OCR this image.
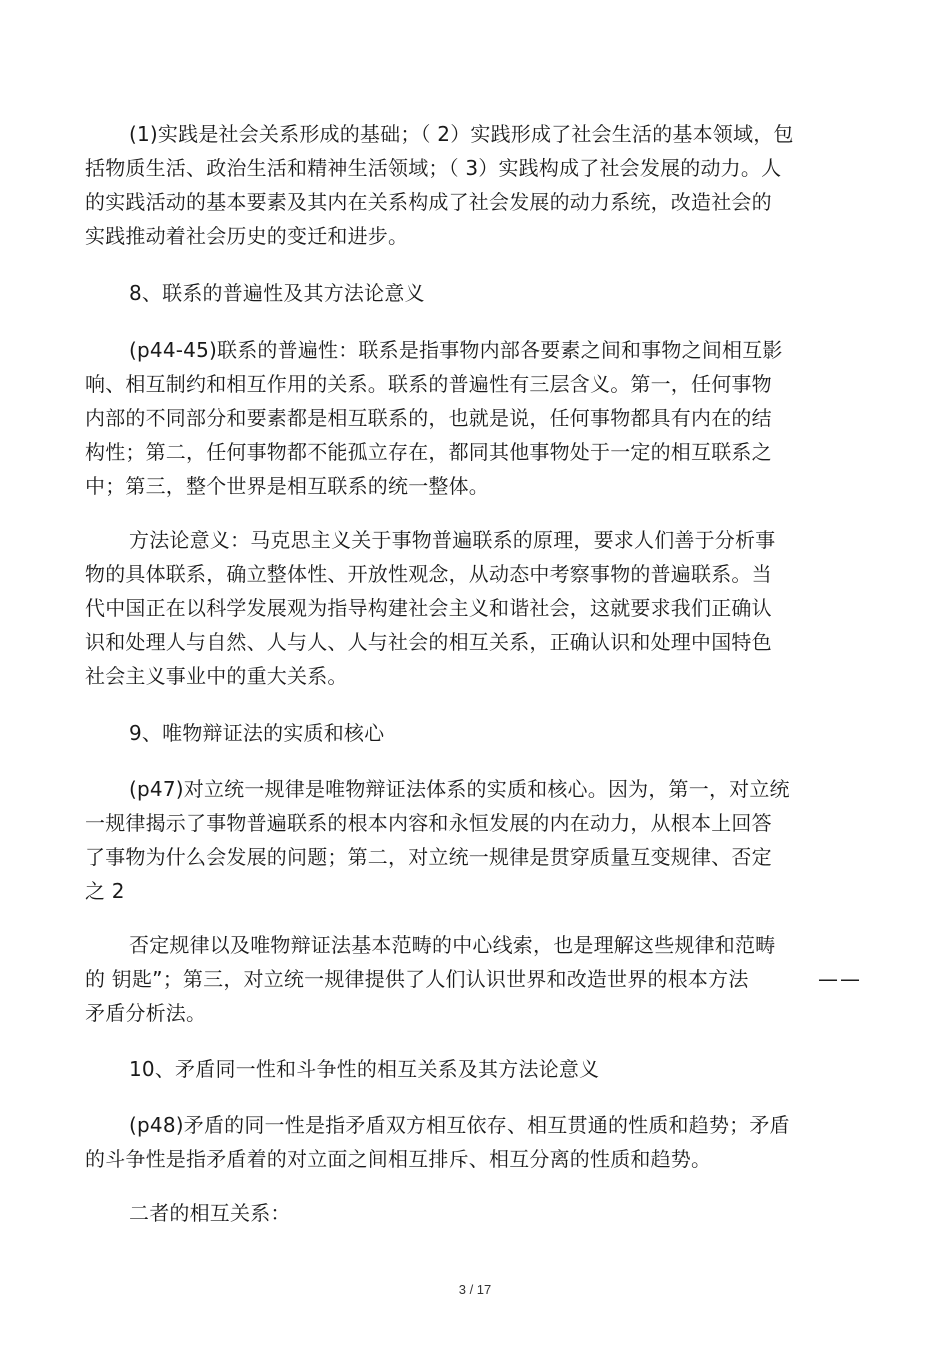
(1)实践是社会关系形成的基础；（ 2）实践形成了社会生活的基本领域，包
括物质生活、政治生活和精神生活领域；（ 3）实践构成了社会发展的动力。人
的实践活动的基本要素及其内在关系构成了社会发展的动力系统，改造社会的
实践推动着社会历史的变迁和进步。
8、联系的普遍性及其方法论意义
(p44-45)联系的普遍性：联系是指事物内部各要素之间和事物之间相互影
响、相互制约和相互作用的关系。联系的普遍性有三层含义。第一，任何事物
内部的不同部分和要素都是相互联系的，也就是说，任何事物都具有内在的结
构性；第二，任何事物都不能孤立存在，都同其他事物处于一定的相互联系之
中；第三，整个世界是相互联系的统一整体。
方法论意义：马克思主义关于事物普遍联系的原理，要求人们善于分析事
物的具体联系，确立整体性、开放性观念，从动态中考察事物的普遍联系。当
代中国正在以科学发展观为指导构建社会主义和谐社会，这就要求我们正确认
识和处理人与自然、人与人、人与社会的相互关系，正确认识和处理中国特色
社会主义事业中的重大关系。
9、唯物辩证法的实质和核心
(p47)对立统一规律是唯物辩证法体系的实质和核心。因为，第一，对立统
一规律揭示了事物普遍联系的根本内容和永恒发展的内在动力，从根本上回答
了事物为什么会发展的问题；第二，对立统一规律是贯穿质量互变规律、否定
之 2
否定规律以及唯物辩证法基本范畴的中心线索，也是理解这些规律和范畴
的 钥匙”；第三，对立统一规律提供了人们认识世界和改造世界的根本方法	——
矛盾分析法。
10、矛盾同一性和斗争性的相互关系及其方法论意义
(p48)矛盾的同一性是指矛盾双方相互依存、相互贯通的性质和趋势；矛盾
的斗争性是指矛盾着的对立面之间相互排斥、相互分离的性质和趋势。
二者的相互关系：
3 / 17
